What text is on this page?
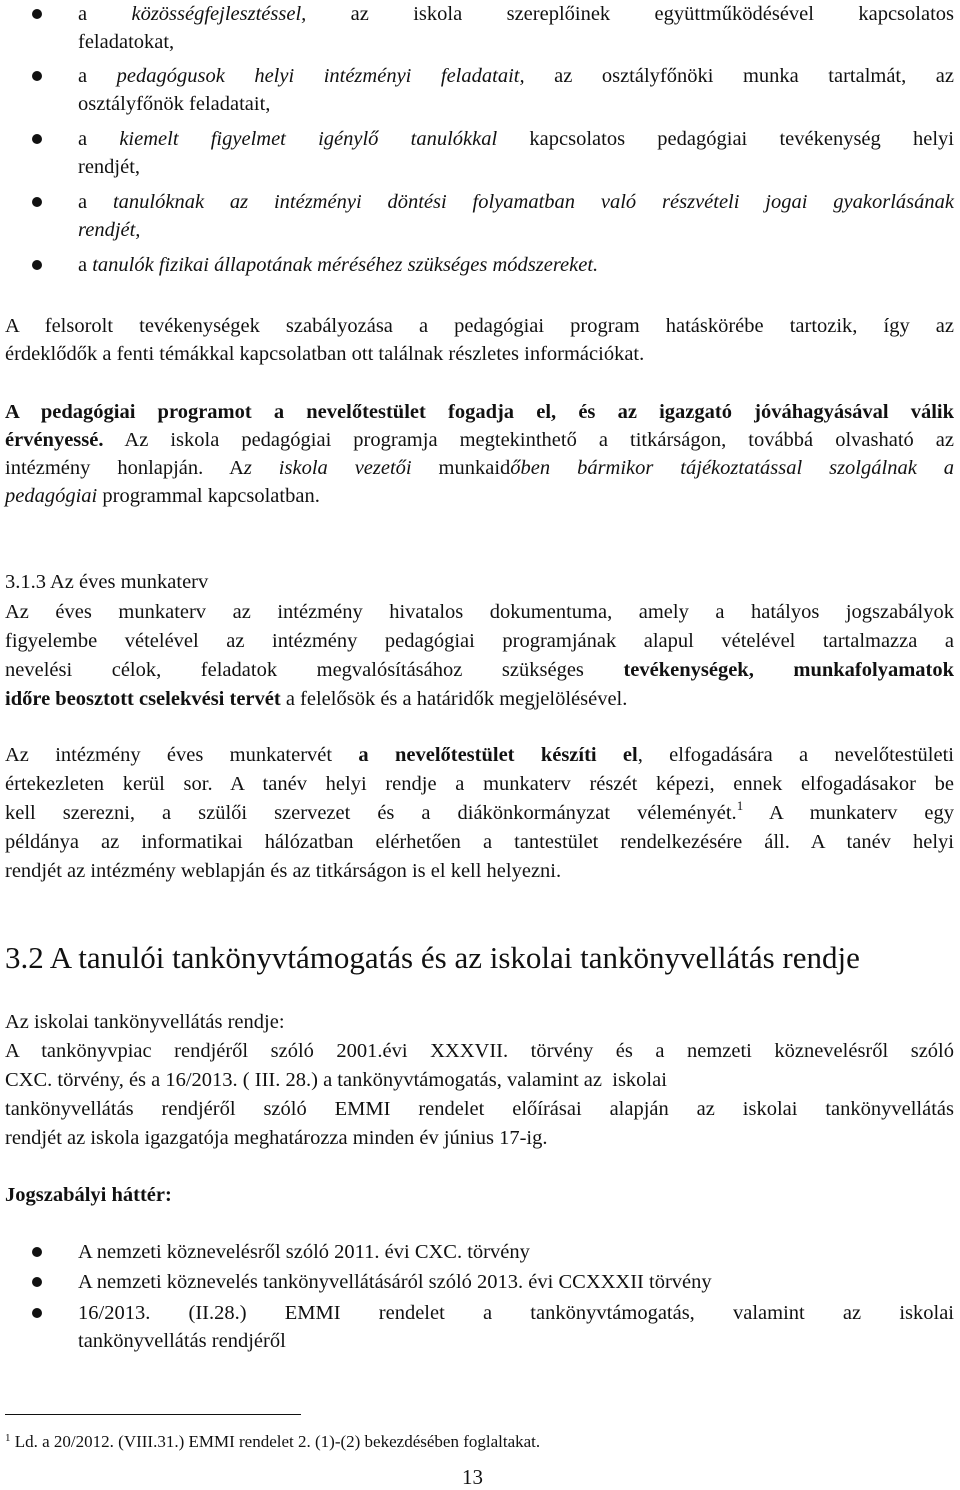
a közösségfejlesztéssel, az iskola szereplőinek együttműködésével kapcsolatos
feladatokat,
a pedagógusok helyi intézményi feladatait, az osztályfőnöki munka tartalmát, az
osztályfőnök feladatait,
a kiemelt figyelmet igénylő tanulókkal kapcsolatos pedagógiai tevékenység helyi
rendjét,
a tanulóknak az intézményi döntési folyamatban való részvételi jogai gyakorlásának
rendjét,
a tanulók fizikai állapotának méréséhez szükséges módszereket.
A felsorolt tevékenységek szabályozása a pedagógiai program hatáskörébe tartozik, így az
érdeklődők a fenti témákkal kapcsolatban ott találnak részletes információkat.
A pedagógiai programot a nevelőtestület fogadja el, és az igazgató jóváhagyásával válik
érvényessé. Az iskola pedagógiai programja megtekinthető a titkárságon, továbbá olvasható az
intézmény honlapján. Az iskola vezetői munkaidőben bármikor tájékoztatással szolgálnak a
pedagógiai programmal kapcsolatban.
3.1.3 Az éves munkaterv
Az éves munkaterv az intézmény hivatalos dokumentuma, amely a hatályos jogszabályok
figyelembe vételével az intézmény pedagógiai programjának alapul vételével tartalmazza a
nevelési célok, feladatok megvalósításához szükséges tevékenységek, munkafolyamatok
időre beosztott cselekvési tervét a felelősök és a határidők megjelölésével.
Az intézmény éves munkatervét a nevelőtestület készíti el, elfogadására a nevelőtestületi
értekezleten kerül sor. A tanév helyi rendje a munkaterv részét képezi, ennek elfogadásakor be
kell szerezni, a szülői szervezet és a diákönkormányzat véleményét.$^1$ A munkaterv egy
példánya az informatikai hálózatban elérhetően a tantestület rendelkezésére áll. A tanév helyi
rendjét az intézmény weblapján és az titkárságon is el kell helyezni.
3.2 A tanulói tankönyvtámogatás és az iskolai tankönyvellátás rendje
Az iskolai tankönyvellátás rendje:
A tankönyvpiac rendjéről szóló 2001.évi XXXVII. törvény és a nemzeti köznevelésről szóló
CXC. törvény, és a 16/2013. ( III. 28.) a tankönyvtámogatás, valamint az  iskolai
tankönyvellátás rendjéről szóló EMMI rendelet előírásai alapján az iskolai tankönyvellátás
rendjét az iskola igazgatója meghatározza minden év június 17-ig.
Jogszabályi háttér:
A nemzeti köznevelésről szóló 2011. évi CXC. törvény
A nemzeti köznevelés tankönyvellátásáról szóló 2013. évi CCXXXII törvény
16/2013. (II.28.) EMMI rendelet a tankönyvtámogatás, valamint az iskolai
tankönyvellátás rendjéről
$^1$ Ld. a 20/2012. (VIII.31.) EMMI rendelet 2. (1)-(2) bekezdésében foglaltakat.
13
